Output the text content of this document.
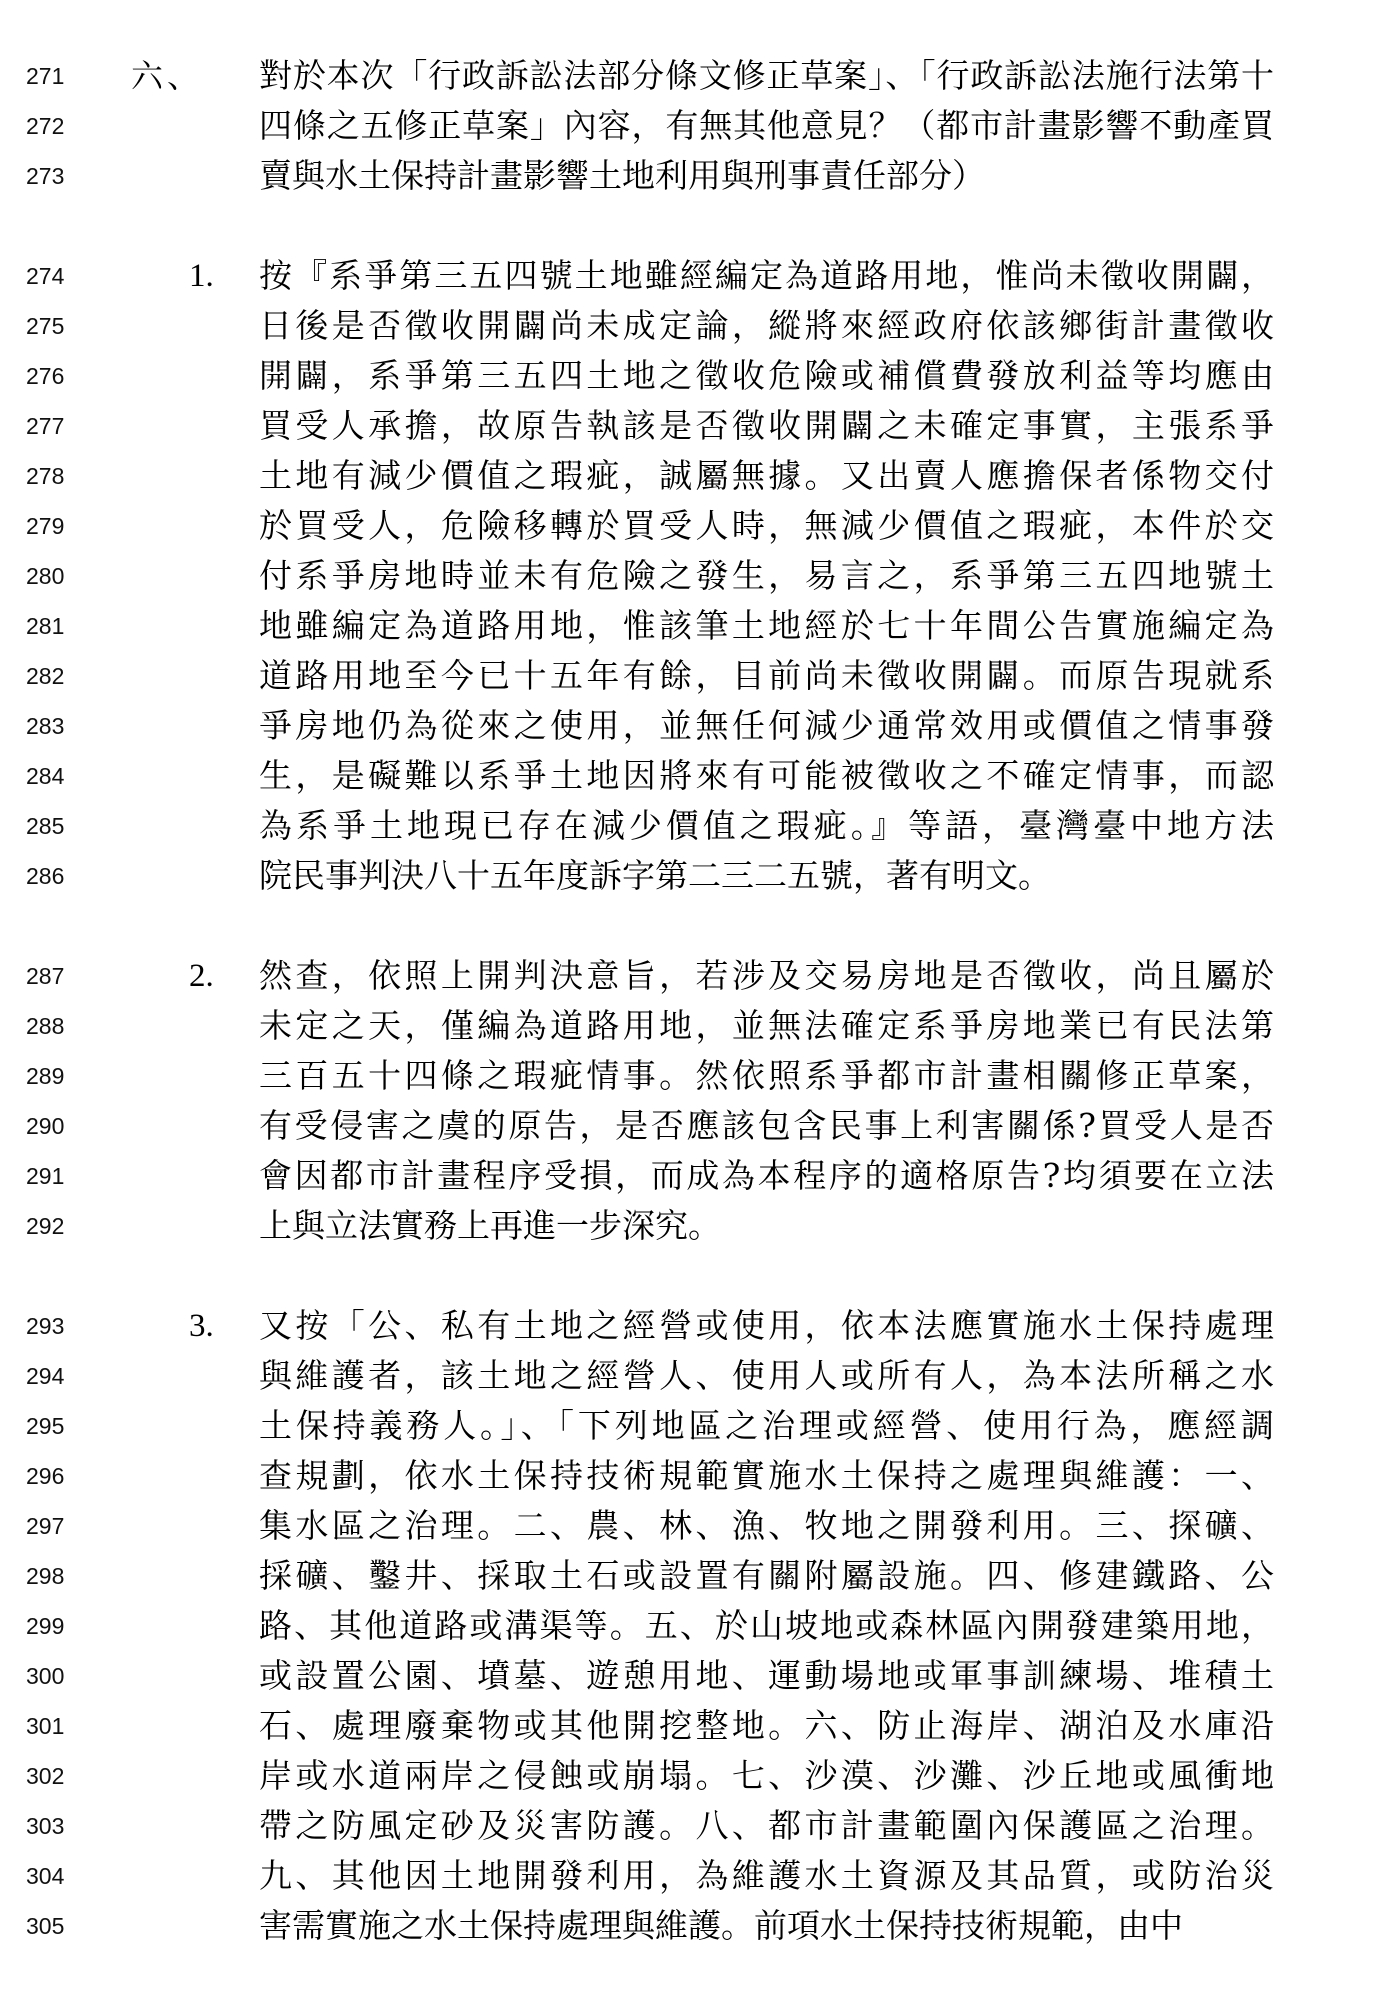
271 六、	對於本次「行政訴訟法部分條文修正草案」、「行政訴訟法施行法第十
272	四條之五修正草案」內容，有無其他意見？（都市計畫影響不動產買
273	賣與水土保持計畫影響土地利用與刑事責任部分）
274	1. 按『系爭第三五四號土地雖經編定為道路用地，惟尚未徵收開闢，
275	日後是否徵收開闢尚未成定論，縱將來經政府依該鄉街計畫徵收
276	開闢，系爭第三五四土地之徵收危險或補償費發放利益等均應由
277	買受人承擔，故原告執該是否徵收開闢之未確定事實，主張系爭
278	土地有減少價值之瑕疵，誠屬無據。又出賣人應擔保者係物交付
279	於買受人，危險移轉於買受人時，無減少價值之瑕疵，本件於交
280	付系爭房地時並未有危險之發生，易言之，系爭第三五四地號土
281	地雖編定為道路用地，惟該筆土地經於七十年間公告實施編定為
282	道路用地至今已十五年有餘，目前尚未徵收開闢。而原告現就系
283	爭房地仍為從來之使用，並無任何減少通常效用或價值之情事發
284	生，是礙難以系爭土地因將來有可能被徵收之不確定情事，而認
285	為系爭土地現已存在減少價值之瑕疵。』等語，臺灣臺中地方法
286	院民事判決八十五年度訴字第二三二五號，著有明文。
287	2. 然查，依照上開判決意旨，若涉及交易房地是否徵收，尚且屬於
288	未定之天，僅編為道路用地，並無法確定系爭房地業已有民法第
289	三百五十四條之瑕疵情事。然依照系爭都市計畫相關修正草案，
290	有受侵害之虞的原告，是否應該包含民事上利害關係?買受人是否
291	會因都市計畫程序受損，而成為本程序的適格原告?均須要在立法
292	上與立法實務上再進一步深究。
293	3. 又按「公、私有土地之經營或使用，依本法應實施水土保持處理
294	與維護者，該土地之經營人、使用人或所有人，為本法所稱之水
295	土保持義務人。」、「下列地區之治理或經營、使用行為，應經調
296	查規劃，依水土保持技術規範實施水土保持之處理與維護：一、
297	集水區之治理。二、農、林、漁、牧地之開發利用。三、探礦、
298	採礦、鑿井、採取土石或設置有關附屬設施。四、修建鐵路、公
299	路、其他道路或溝渠等。五、於山坡地或森林區內開發建築用地，
300	或設置公園、墳墓、遊憩用地、運動場地或軍事訓練場、堆積土
301	石、處理廢棄物或其他開挖整地。六、防止海岸、湖泊及水庫沿
302	岸或水道兩岸之侵蝕或崩塌。七、沙漠、沙灘、沙丘地或風衝地
303	帶之防風定砂及災害防護。八、都市計畫範圍內保護區之治理。
304	九、其他因土地開發利用，為維護水土資源及其品質，或防治災
305	害需實施之水土保持處理與維護。前項水土保持技術規範，由中
